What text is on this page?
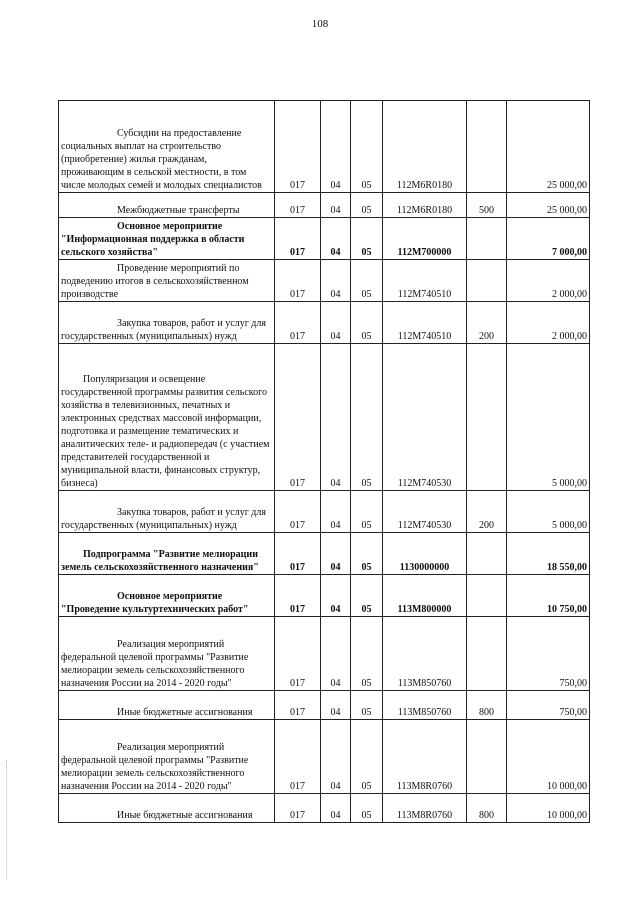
108
Субсидии на предоставление социальных выплат на строительство (приобретение) жилья гражданам, проживающим в сельской местности, в том числе молодых семей и молодых специалистов	017	04	05	112M6R0180		25 000,00

Межбюджетные трансферты	017	04	05	112M6R0180	500	25 000,00

Основное мероприятие "Информационная поддержка в области сельского хозяйства"	017	04	05	112M700000		7 000,00

Проведение мероприятий по подведению итогов в сельскохозяйственном производстве	017	04	05	112M740510		2 000,00

Закупка товаров, работ и услуг для государственных (муниципальных) нужд	017	04	05	112M740510	200	2 000,00

Популяризация и освещение государственной программы развития сельского хозяйства в телевизионных, печатных и электронных средствах массовой информации, подготовка и размещение тематических и аналитических теле- и радиопередач (с участием представителей государственной и муниципальной власти, финансовых структур, бизнеса)	017	04	05	112M740530		5 000,00

Закупка товаров, работ и услуг для государственных (муниципальных) нужд	017	04	05	112M740530	200	5 000,00

Подпрограмма "Развитие мелиорации земель сельскохозяйственного назначения"	017	04	05	1130000000		18 550,00

Основное мероприятие "Проведение культуртехнических работ"	017	04	05	113M800000		10 750,00

Реализация мероприятий федеральной целевой программы "Развитие мелиорации земель сельскохозяйственного назначения России на 2014 - 2020 годы"	017	04	05	113M850760		750,00

Иные бюджетные ассигнования	017	04	05	113M850760	800	750,00

Реализация мероприятий федеральной целевой программы "Развитие мелиорации земель сельскохозяйственного назначения России на 2014 - 2020 годы"	017	04	05	113M8R0760		10 000,00

Иные бюджетные ассигнования	017	04	05	113M8R0760	800	10 000,00
